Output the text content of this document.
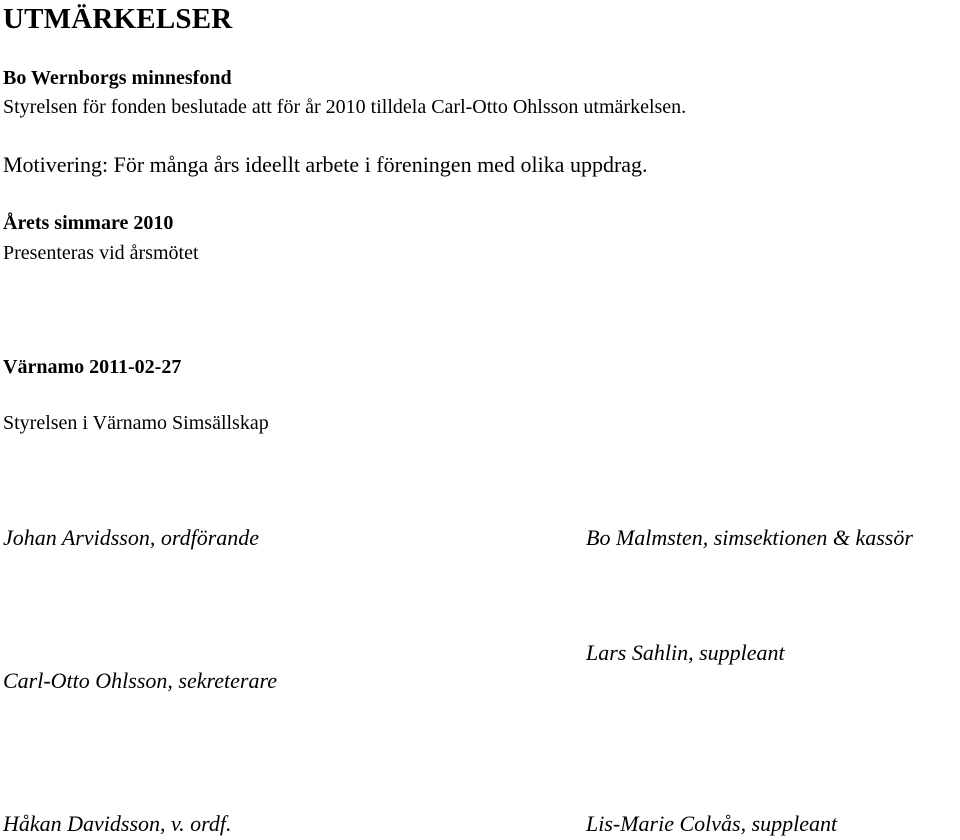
UTMÄRKELSER
Bo Wernborgs minnesfond
Styrelsen för fonden beslutade att för år 2010 tilldela Carl-Otto Ohlsson utmärkelsen.
Motivering: För många års ideellt arbete i föreningen med olika uppdrag.
Årets simmare 2010
Presenteras vid årsmötet
Värnamo 2011-02-27
Styrelsen i Värnamo Simsällskap
Johan Arvidsson, ordförande	Bo Malmsten, simsektionen & kassör
Lars Sahlin, suppleant
Carl-Otto Ohlsson, sekreterare
Håkan Davidsson, v. ordf.	Lis-Marie Colvås, suppleant
